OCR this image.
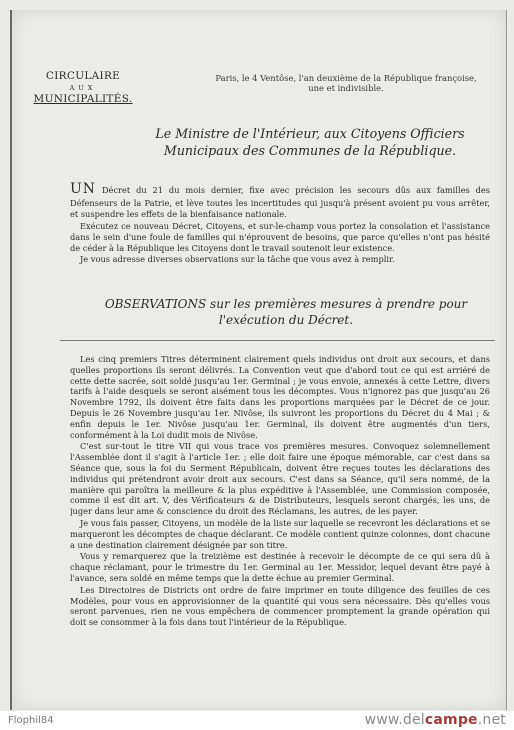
CIRCULAIRE
AUX
MUNICIPALITÉS.
Paris, le 4 Ventôse, l'an deuxième de la République françoise, une et indivisible.
Le Ministre de l'Intérieur, aux Citoyens Officiers Municipaux des Communes de la République.

UN Décret du 21 du mois dernier, fixe avec précision les secours dûs aux familles des Défenseurs de la Patrie, et lève toutes les incertitudes qui jusqu'à présent avoient pu vous arrêter, et suspendre les effets de la bienfaisance nationale.

Exécutez ce nouveau Décret, Citoyens, et sur-le-champ vous portez la consolation et l'assistance dans le sein d'une foule de familles qui n'éprouvent de besoins, que parce qu'elles n'ont pas hésité de céder à la République les Citoyens dont le travail soutenoit leur existence.

Je vous adresse diverses observations sur la tâche que vous avez à remplir.

OBSERVATIONS sur les premières mesures à prendre pour l'exécution du Décret.

Les cinq premiers Titres déterminent clairement quels individus ont droit aux secours, et dans quelles proportions ils seront délivrés. La Convention veut que d'abord tout ce qui est arriéré de cette dette sacrée, soit soldé jusqu'au 1er. Germinal ; je vous envoie, annexés à cette Lettre, divers tarifs à l'aide desquels se seront aisément tous les décomptes. Vous n'ignorez pas que jusqu'au 26 Novembre 1792, ils doivent être faits dans les proportions marquées par le Décret de ce jour. Depuis le 26 Novembre jusqu'au 1er. Nivôse, ils suivront les proportions du Décret du 4 Mai ; & enfin depuis le 1er. Nivôse jusqu'au 1er. Germinal, ils doivent être augmentés d'un tiers, conformément à la Loi dudit mois de Nivôse.

C'est sur-tout le titre VII qui vous trace vos premières mesures. Convoquez solemnellement l'Assemblée dont il s'agit à l'article 1er. ; elle doit faire une époque mémorable, car c'est dans sa Séance que, sous la foi du Serment Républicain, doivent être reçues toutes les déclarations des individus qui prétendront avoir droit aux secours. C'est dans sa Séance, qu'il sera nommé, de la manière qui paroîtra la meilleure & la plus expéditive à l'Assemblée, une Commission composée, comme il est dit art. V, des Vérificateurs & de Distributeurs, lesquels seront chargés, les uns, de juger dans leur ame & conscience du droit des Réclamans, les autres, de les payer.

Je vous fais passer, Citoyens, un modèle de la liste sur laquelle se recevront les déclarations et se marqueront les décomptes de chaque déclarant. Ce modèle contient quinze colonnes, dont chacune a une destination clairement désignée par son titre.

Vous y remarquerez que la treizième est destinée à recevoir le décompte de ce qui sera dû à chaque réclamant, pour le trimestre du 1er. Germinal au 1er. Messidor, lequel devant être payé à l'avance, sera soldé en même temps que la dette échue au premier Germinal.

Les Directoires de Districts ont ordre de faire imprimer en toute diligence des feuilles de ces Modèles, pour vous en approvisionner de la quantité qui vous sera nécessaire. Dès qu'elles vous seront parvenues, rien ne vous empêchera de commencer promptement la grande opération qui doit se consommer à la fois dans tout l'intérieur de la République.

Flophil84	www.delcampe.net
